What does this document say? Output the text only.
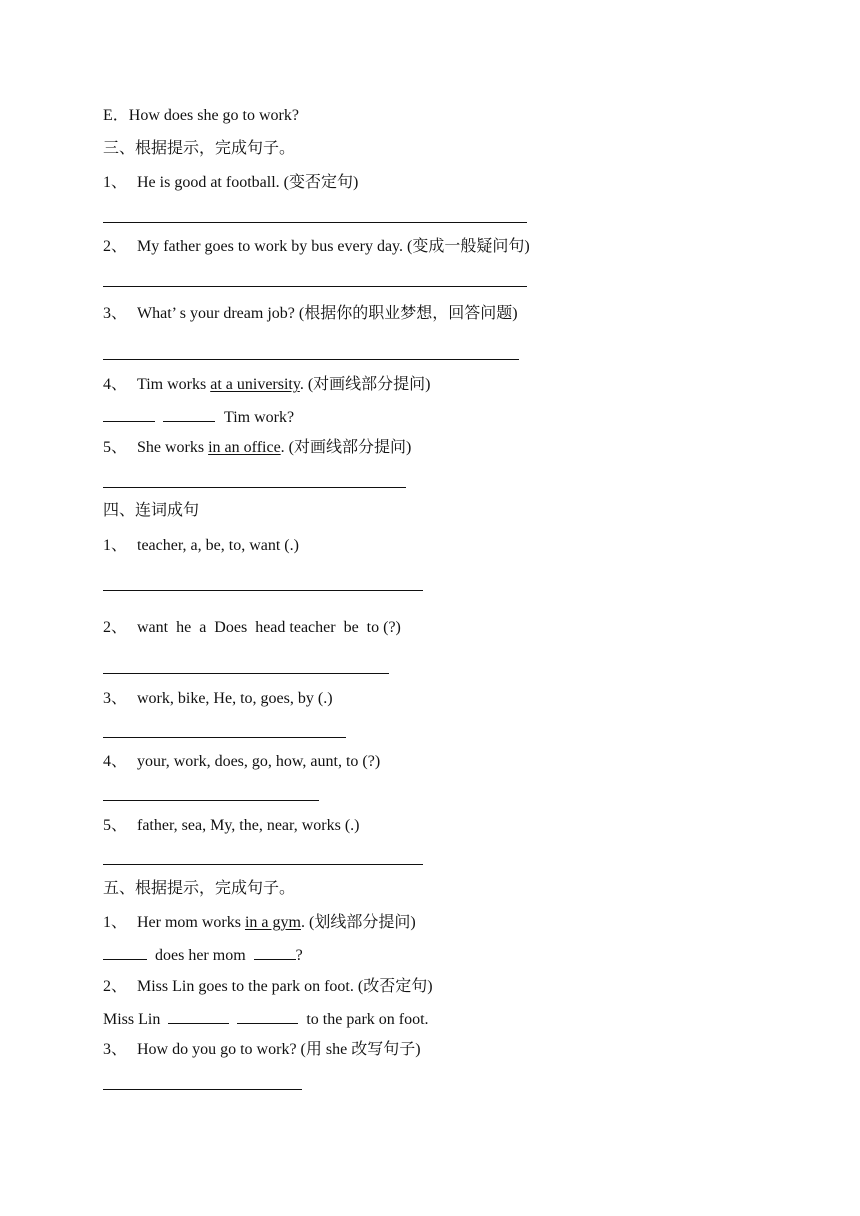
E．How does she go to work?
三、根据提示，完成句子。
1、 He is good at football. (变否定句)
2、 My father goes to work by bus every day. (变成一般疑问句)
3、 What’ s your dream job? (根据你的职业梦想，回答问题)
4、 Tim works at a university. (对画线部分提问)
Tim work?
5、 She works in an office. (对画线部分提问)
四、连词成句
1、 teacher, a, be, to, want (.)
2、 want  he  a  Does  head teacher  be  to (?)
3、 work, bike, He, to, goes, by (.)
4、 your, work, does, go, how, aunt, to (?)
5、 father, sea, My, the, near, works (.)
五、根据提示，完成句子。
1、 Her mom works in a gym. (划线部分提问)
does her mom	?
2、 Miss Lin goes to the park on foot. (改否定句)
Miss Lin	to the park on foot.
3、 How do you go to work? (用 she 改写句子)
